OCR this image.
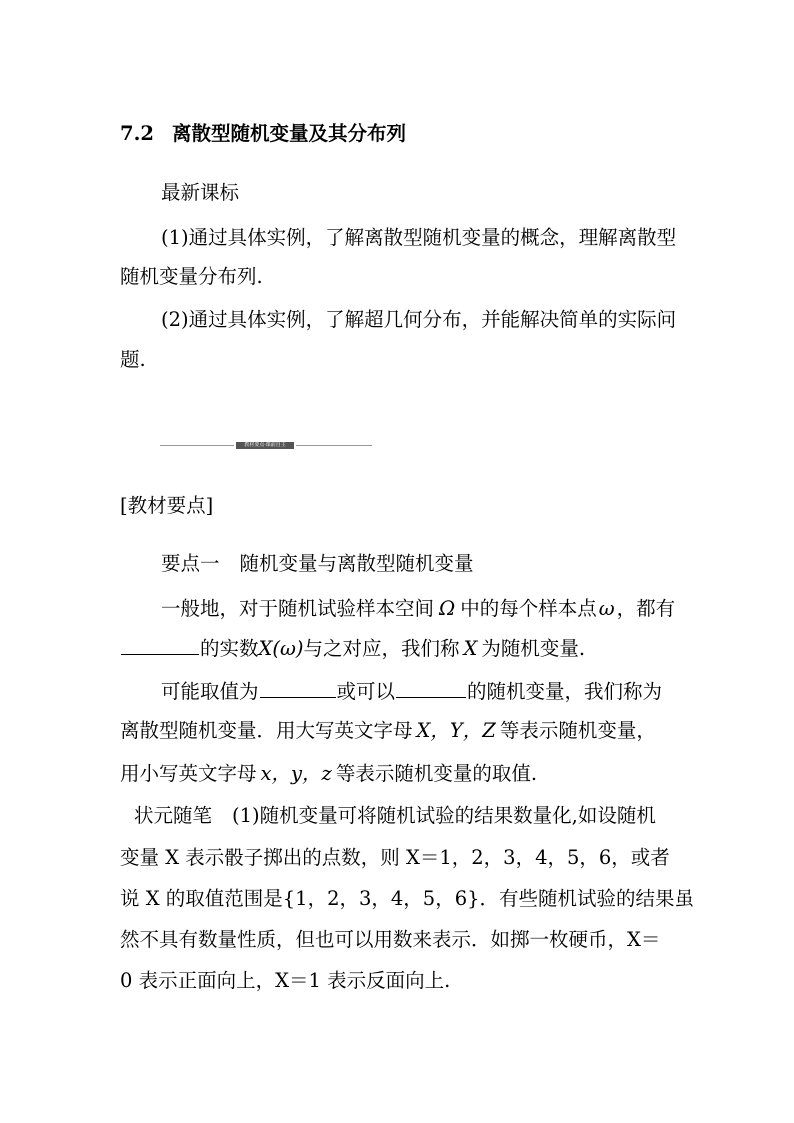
7.2 离散型随机变量及其分布列
最新课标
(1)通过具体实例，了解离散型随机变量的概念，理解离散型
随机变量分布列.
(2)通过具体实例，了解超几何分布，并能解决简单的实际问
题.
教材要点·课前自主
[教材要点]
要点一 随机变量与离散型随机变量
一般地，对于随机试验样本空间 Ω 中的每个样本点 ω ，都有
的实数X(ω)与之对应，我们称 X 为随机变量.
可能取值为	或可以	的随机变量，我们称为
离散型随机变量．用大写英文字母 X，Y，Z 等表示随机变量，
用小写英文字母 x，y，z 等表示随机变量的取值.
状元随笔 (1)随机变量可将随机试验的结果数量化,如设随机
变量 X 表示骰子掷出的点数，则 X＝1，2，3，4，5，6，或者
说 X 的取值范围是{1，2，3，4，5，6}．有些随机试验的结果虽
然不具有数量性质，但也可以用数来表示．如掷一枚硬币，X＝
0 表示正面向上，X＝1 表示反面向上.
